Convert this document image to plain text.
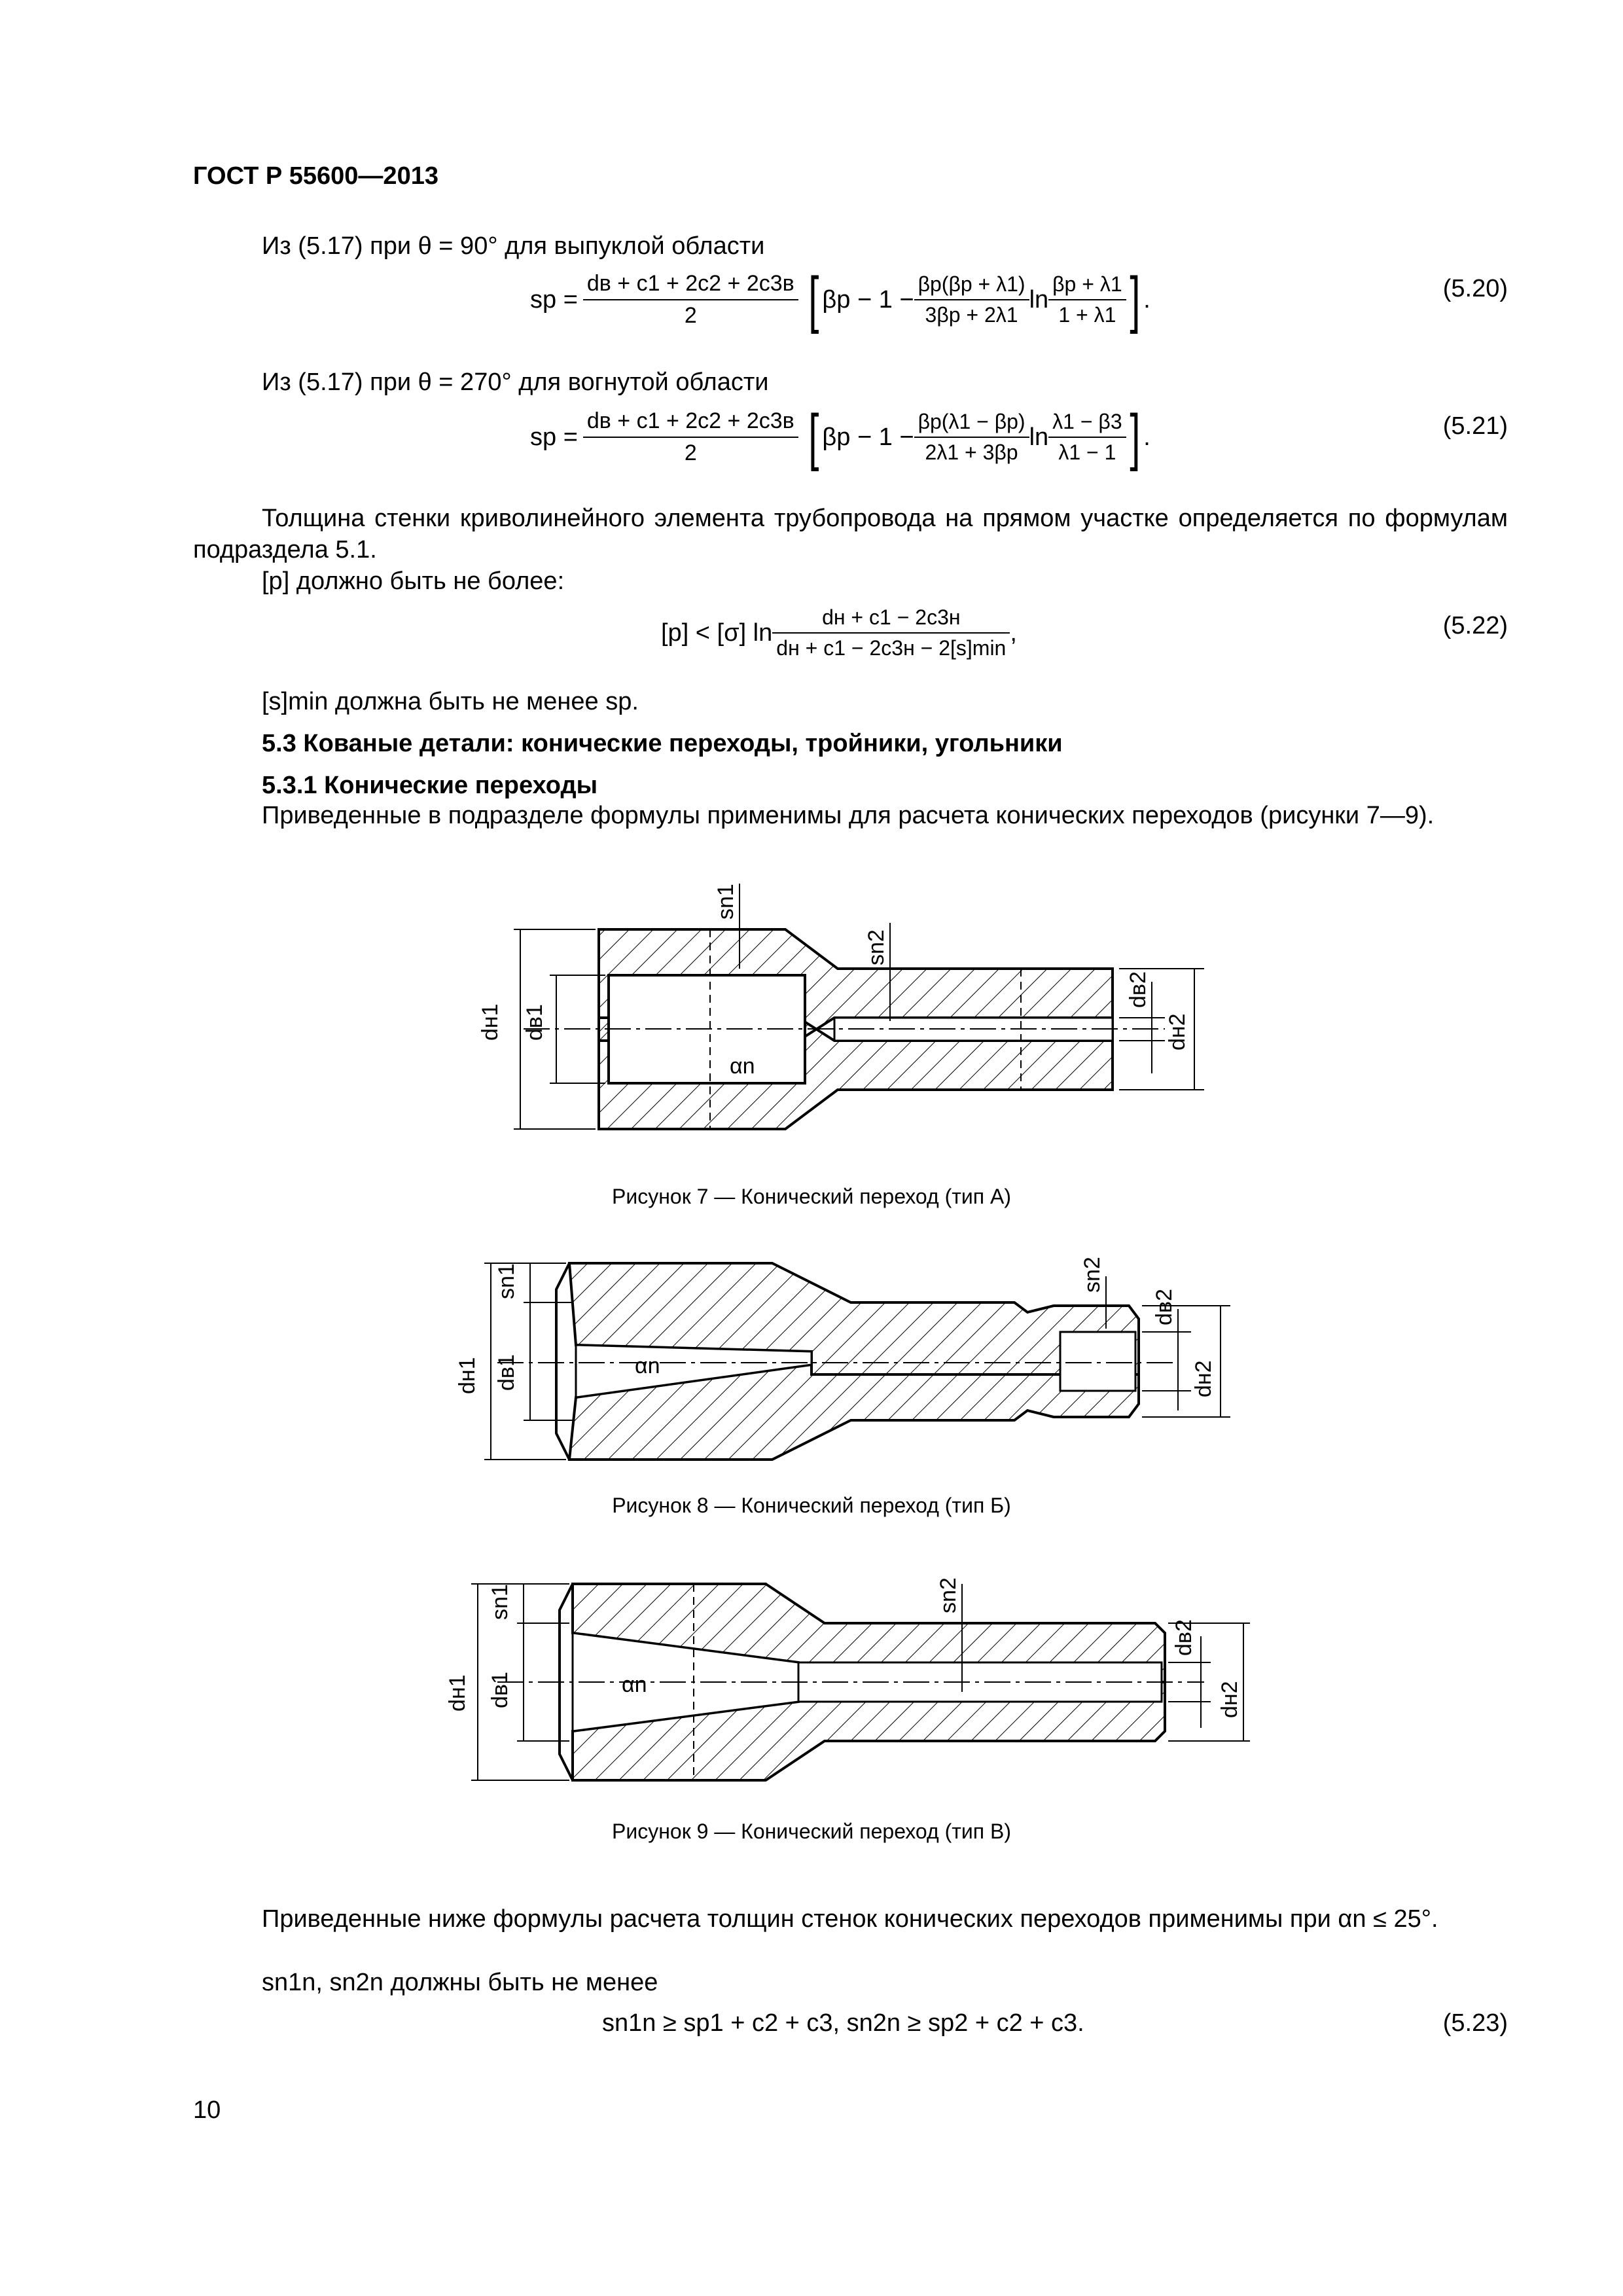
ГОСТ Р 55600—2013
Из (5.17) при θ = 90° для выпуклой области
sp = $\frac{dв + c1 + 2c2 + 2c3в}{2}$ [ $\beta p - 1 - \frac{\beta p(\beta p + \lambda 1)}{3\beta p + 2\lambda 1}$ $\ln \frac{\beta p + \lambda 1}{1 + \lambda 1}$ ] .	(5.20)
Из (5.17) при θ = 270° для вогнутой области
sp = $\frac{dв + c1 + 2c2 + 2c3в}{2}$ [ $\beta p - 1 - \frac{\beta p(\lambda 1 - \beta p)}{2\lambda 1 + 3\beta p}$ $\ln \frac{\lambda 1 - \beta 3}{\lambda 1 - 1}$ ] .	(5.21)
Толщина стенки криволинейного элемента трубопровода на прямом участке определяется по формулам подраздела 5.1.
[p] должно быть не более:
[p] < [σ] $\ln \frac{dн + c1 - 2c3н}{dн + c1 - 2c3н - 2[s]\min}$ ,	(5.22)
[s]min должна быть не менее sp.
5.3 Кованые детали: конические переходы, тройники, угольники
5.3.1 Конические переходы
Приведенные в подразделе формулы применимы для расчета конических переходов (рисунки 7—9).
dн1 dв1	dн2
dв2
sn1
sn2
αn
Рисунок 7 — Конический переход (тип А)
dн1 dв1
sn1
dн2
dв2
sn2
αn
Рисунок 8 — Конический переход (тип Б)
dн1 dв1
sn1
dн2
dв2
sn2
αn
Рисунок 9 — Конический переход (тип В)
Приведенные ниже формулы расчета толщин стенок конических переходов применимы при αn ≤ 25°.
sn1n, sn2n должны быть не менее
sn1n ≥ sp1 + c2 + c3, sn2n ≥ sp2 + c2 + c3.	(5.23)
10
